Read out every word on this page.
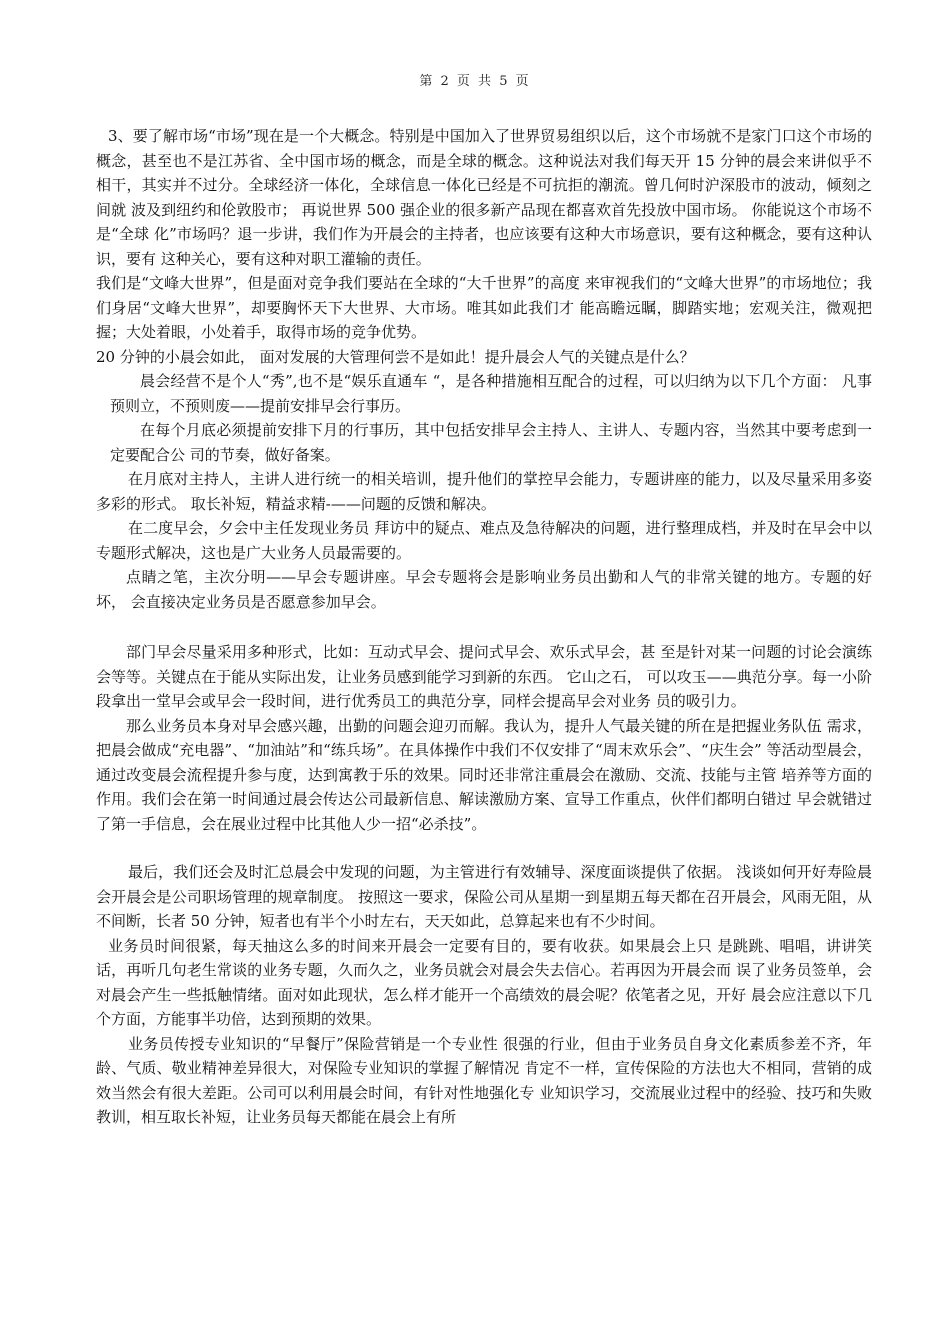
第 2 页 共 5 页

3、要了解市场“市场”现在是一个大概念。特别是中国加入了世界贸易组织以后，这个市场就不是家门口这个市场的 概念，甚至也不是江苏省、全中国市场的概念，而是全球的概念。这种说法对我们每天开 15 分钟的晨会来讲似乎不相干，其实并不过分。全球经济一体化，全球信息一体化已经是不可抗拒的潮流。曾几何时沪深股市的波动，倾刻之间就 波及到纽约和伦敦股市； 再说世界 500 强企业的很多新产品现在都喜欢首先投放中国市场。 你能说这个市场不是“全球 化”市场吗？退一步讲，我们作为开晨会的主持者，也应该要有这种大市场意识，要有这种概念，要有这种认识，要有 这种关心，要有这种对职工灌输的责任。

我们是“文峰大世界”，但是面对竞争我们要站在全球的“大千世界”的高度 来审视我们的“文峰大世界”的市场地位；我们身居“文峰大世界”，却要胸怀天下大世界、大市场。唯其如此我们才 能高瞻远瞩，脚踏实地；宏观关注，微观把握；大处着眼，小处着手，取得市场的竞争优势。

20 分钟的小晨会如此， 面对发展的大管理何尝不是如此！提升晨会人气的关键点是什么？

晨会经营不是个人“秀”,也不是“娱乐直通车 “，是各种措施相互配合的过程，可以归纳为以下几个方面： 凡事预则立，不预则废——提前安排早会行事历。

在每个月底必须提前安排下月的行事历，其中包括安排早会主持人、主讲人、专题内容，当然其中要考虑到一定要配合公 司的节奏，做好备案。

在月底对主持人，主讲人进行统一的相关培训，提升他们的掌控早会能力，专题讲座的能力，以及尽量采用多姿多彩的形式。 取长补短，精益求精-——问题的反馈和解决。

在二度早会，夕会中主任发现业务员 拜访中的疑点、难点及急待解决的问题，进行整理成档，并及时在早会中以专题形式解决，这也是广大业务人员最需要的。

点睛之笔，主次分明——早会专题讲座。早会专题将会是影响业务员出勤和人气的非常关键的地方。专题的好坏， 会直接决定业务员是否愿意参加早会。

部门早会尽量采用多种形式，比如：互动式早会、提问式早会、欢乐式早会，甚 至是针对某一问题的讨论会演练会等等。关键点在于能从实际出发，让业务员感到能学习到新的东西。 它山之石， 可以攻玉——典范分享。每一小阶段拿出一堂早会或早会一段时间，进行优秀员工的典范分享，同样会提高早会对业务 员的吸引力。

那么业务员本身对早会感兴趣，出勤的问题会迎刃而解。我认为，提升人气最关键的所在是把握业务队伍 需求，把晨会做成“充电器”、“加油站”和“练兵场”。在具体操作中我们不仅安排了“周末欢乐会”、“庆生会” 等活动型晨会，通过改变晨会流程提升参与度，达到寓教于乐的效果。同时还非常注重晨会在激励、交流、技能与主管 培养等方面的作用。我们会在第一时间通过晨会传达公司最新信息、解读激励方案、宣导工作重点，伙伴们都明白错过 早会就错过了第一手信息，会在展业过程中比其他人少一招“必杀技”。

最后，我们还会及时汇总晨会中发现的问题，为主管进行有效辅导、深度面谈提供了依据。 浅谈如何开好寿险晨会开晨会是公司职场管理的规章制度。 按照这一要求，保险公司从星期一到星期五每天都在召开晨会，风雨无阻，从不间断，长者 50 分钟，短者也有半个小时左右，天天如此，总算起来也有不少时间。

业务员时间很紧，每天抽这么多的时间来开晨会一定要有目的，要有收获。如果晨会上只 是跳跳、唱唱，讲讲笑话，再听几句老生常谈的业务专题，久而久之，业务员就会对晨会失去信心。若再因为开晨会而 误了业务员签单，会对晨会产生一些抵触情绪。面对如此现状，怎么样才能开一个高绩效的晨会呢？依笔者之见，开好 晨会应注意以下几个方面，方能事半功倍，达到预期的效果。

业务员传授专业知识的“早餐厅”保险营销是一个专业性 很强的行业，但由于业务员自身文化素质参差不齐，年龄、气质、敬业精神差异很大，对保险专业知识的掌握了解情况 肯定不一样，宣传保险的方法也大不相同，营销的成效当然会有很大差距。公司可以利用晨会时间，有针对性地强化专 业知识学习，交流展业过程中的经验、技巧和失败教训，相互取长补短，让业务员每天都能在晨会上有所
